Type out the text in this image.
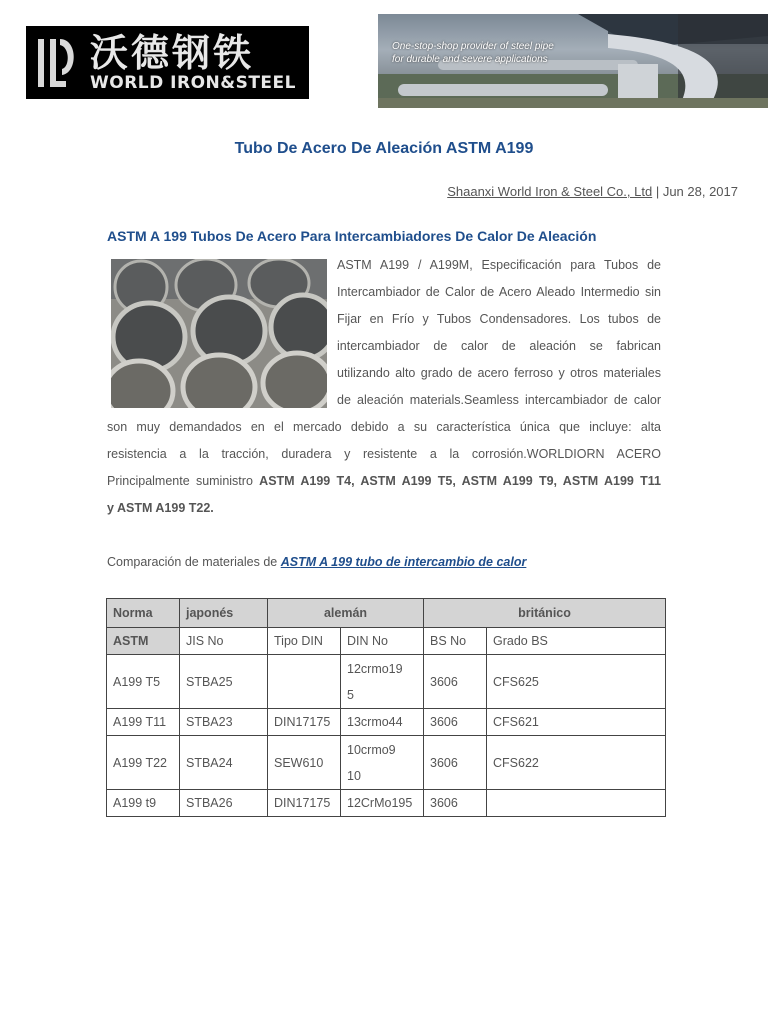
沃德钢铁
WORLD IRON&STEEL
One-stop-shop provider of steel pipe
for durable and severe applications
Tubo De Acero De Aleación ASTM A199
Shaanxi World Iron & Steel Co., Ltd | Jun 28, 2017
ASTM A 199 Tubos De Acero Para Intercambiadores De Calor De Aleación
ASTM A199 / A199M, Especificación para Tubos de
Intercambiador de Calor de Acero Aleado Intermedio sin
Fijar en Frío y Tubos Condensadores. Los tubos de
intercambiador de calor de aleación se fabrican
utilizando alto grado de acero ferroso y otros materiales
de aleación materials.Seamless intercambiador de calor
son muy demandados en el mercado debido a su característica única que incluye: alta
resistencia a la tracción, duradera y resistente a la corrosión.WORLDIORN ACERO
Principalmente suministro ASTM A199 T4, ASTM A199 T5, ASTM A199 T9, ASTM A199 T11
y ASTM A199 T22.
Comparación de materiales de ASTM A 199 tubo de intercambio de calor
Norma	japonés	alemán		británico	
ASTM	JIS No	Tipo DIN	DIN No	BS No	Grado BS
A199 T5	STBA25		12crmo19
5	3606	CFS625
A199 T11	STBA23	DIN17175	13crmo44	3606	CFS621
A199 T22	STBA24	SEW610	10crmo9
10	3606	CFS622
A199 t9	STBA26	DIN17175	12CrMo195	3606	
